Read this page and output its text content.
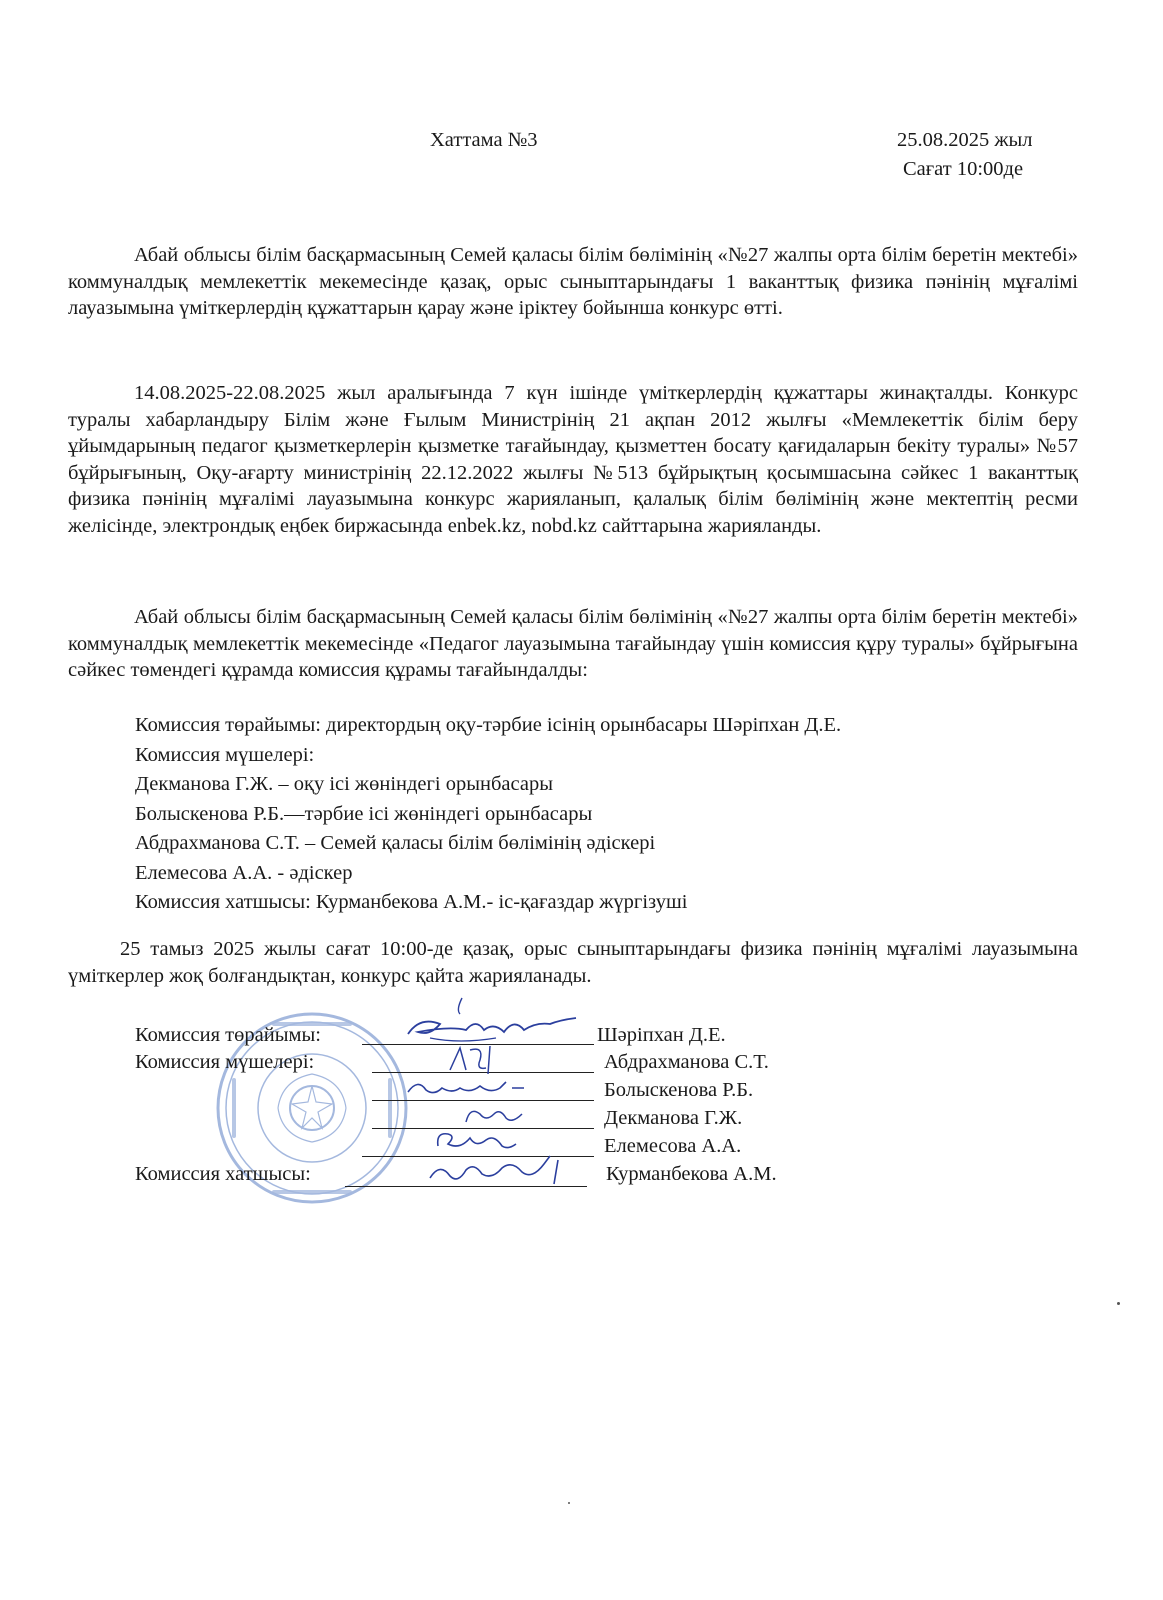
Хаттама №3	25.08.2025 жыл
Сағат 10:00де

Абай облысы білім басқармасының Семей қаласы білім бөлімінің «№27 жалпы орта білім беретін мектебі» коммуналдық мемлекеттік мекемесінде қазақ, орыс сыныптарындағы 1 ваканттық физика пәнінің мұғалімі лауазымына үміткерлердің құжаттарын қарау және іріктеу бойынша конкурс өтті.

14.08.2025-22.08.2025 жыл аралығында 7 күн ішінде үміткерлердің құжаттары жинақталды. Конкурс туралы хабарландыру Білім және Ғылым Министрінің 21 ақпан 2012 жылғы «Мемлекеттік білім беру ұйымдарының педагог қызметкерлерін қызметке тағайындау, қызметтен босату қағидаларын бекіту туралы» №57 бұйрығының, Оқу-ағарту министрінің 22.12.2022 жылғы №513 бұйрықтың қосымшасына сәйкес 1 ваканттық физика пәнінің мұғалімі лауазымына конкурс жарияланып, қалалық білім бөлімінің және мектептің ресми желісінде, электрондық еңбек биржасында enbek.kz, nobd.kz сайттарына жарияланды.

Абай облысы білім басқармасының Семей қаласы білім бөлімінің «№27 жалпы орта білім беретін мектебі» коммуналдық мемлекеттік мекемесінде «Педагог лауазымына тағайындау үшін комиссия құру туралы» бұйрығына сәйкес төмендегі құрамда комиссия құрамы тағайындалды:

Комиссия төрайымы: директордың оқу-тәрбие ісінің орынбасары Шәріпхан Д.Е.
Комиссия мүшелері:
Декманова Г.Ж. – оқу ісі жөніндегі орынбасары
Болыскенова Р.Б.—тәрбие ісі жөніндегі орынбасары
Абдрахманова С.Т. – Семей қаласы білім бөлімінің әдіскері
Елемесова А.А. - әдіскер
Комиссия хатшысы: Курманбекова А.М.- іс-қағаздар жүргізуші

25 тамыз 2025 жылы сағат 10:00-де қазақ, орыс сыныптарындағы физика пәнінің мұғалімі лауазымына үміткерлер жоқ болғандықтан, конкурс қайта жарияланады.

Комиссия төрайымы:	Шәріпхан Д.Е.
Комиссия мүшелері:	Абдрахманова С.Т.
Болыскенова Р.Б.
Декманова Г.Ж.
Елемесова А.А.
Комиссия хатшысы:	Курманбекова А.М.
